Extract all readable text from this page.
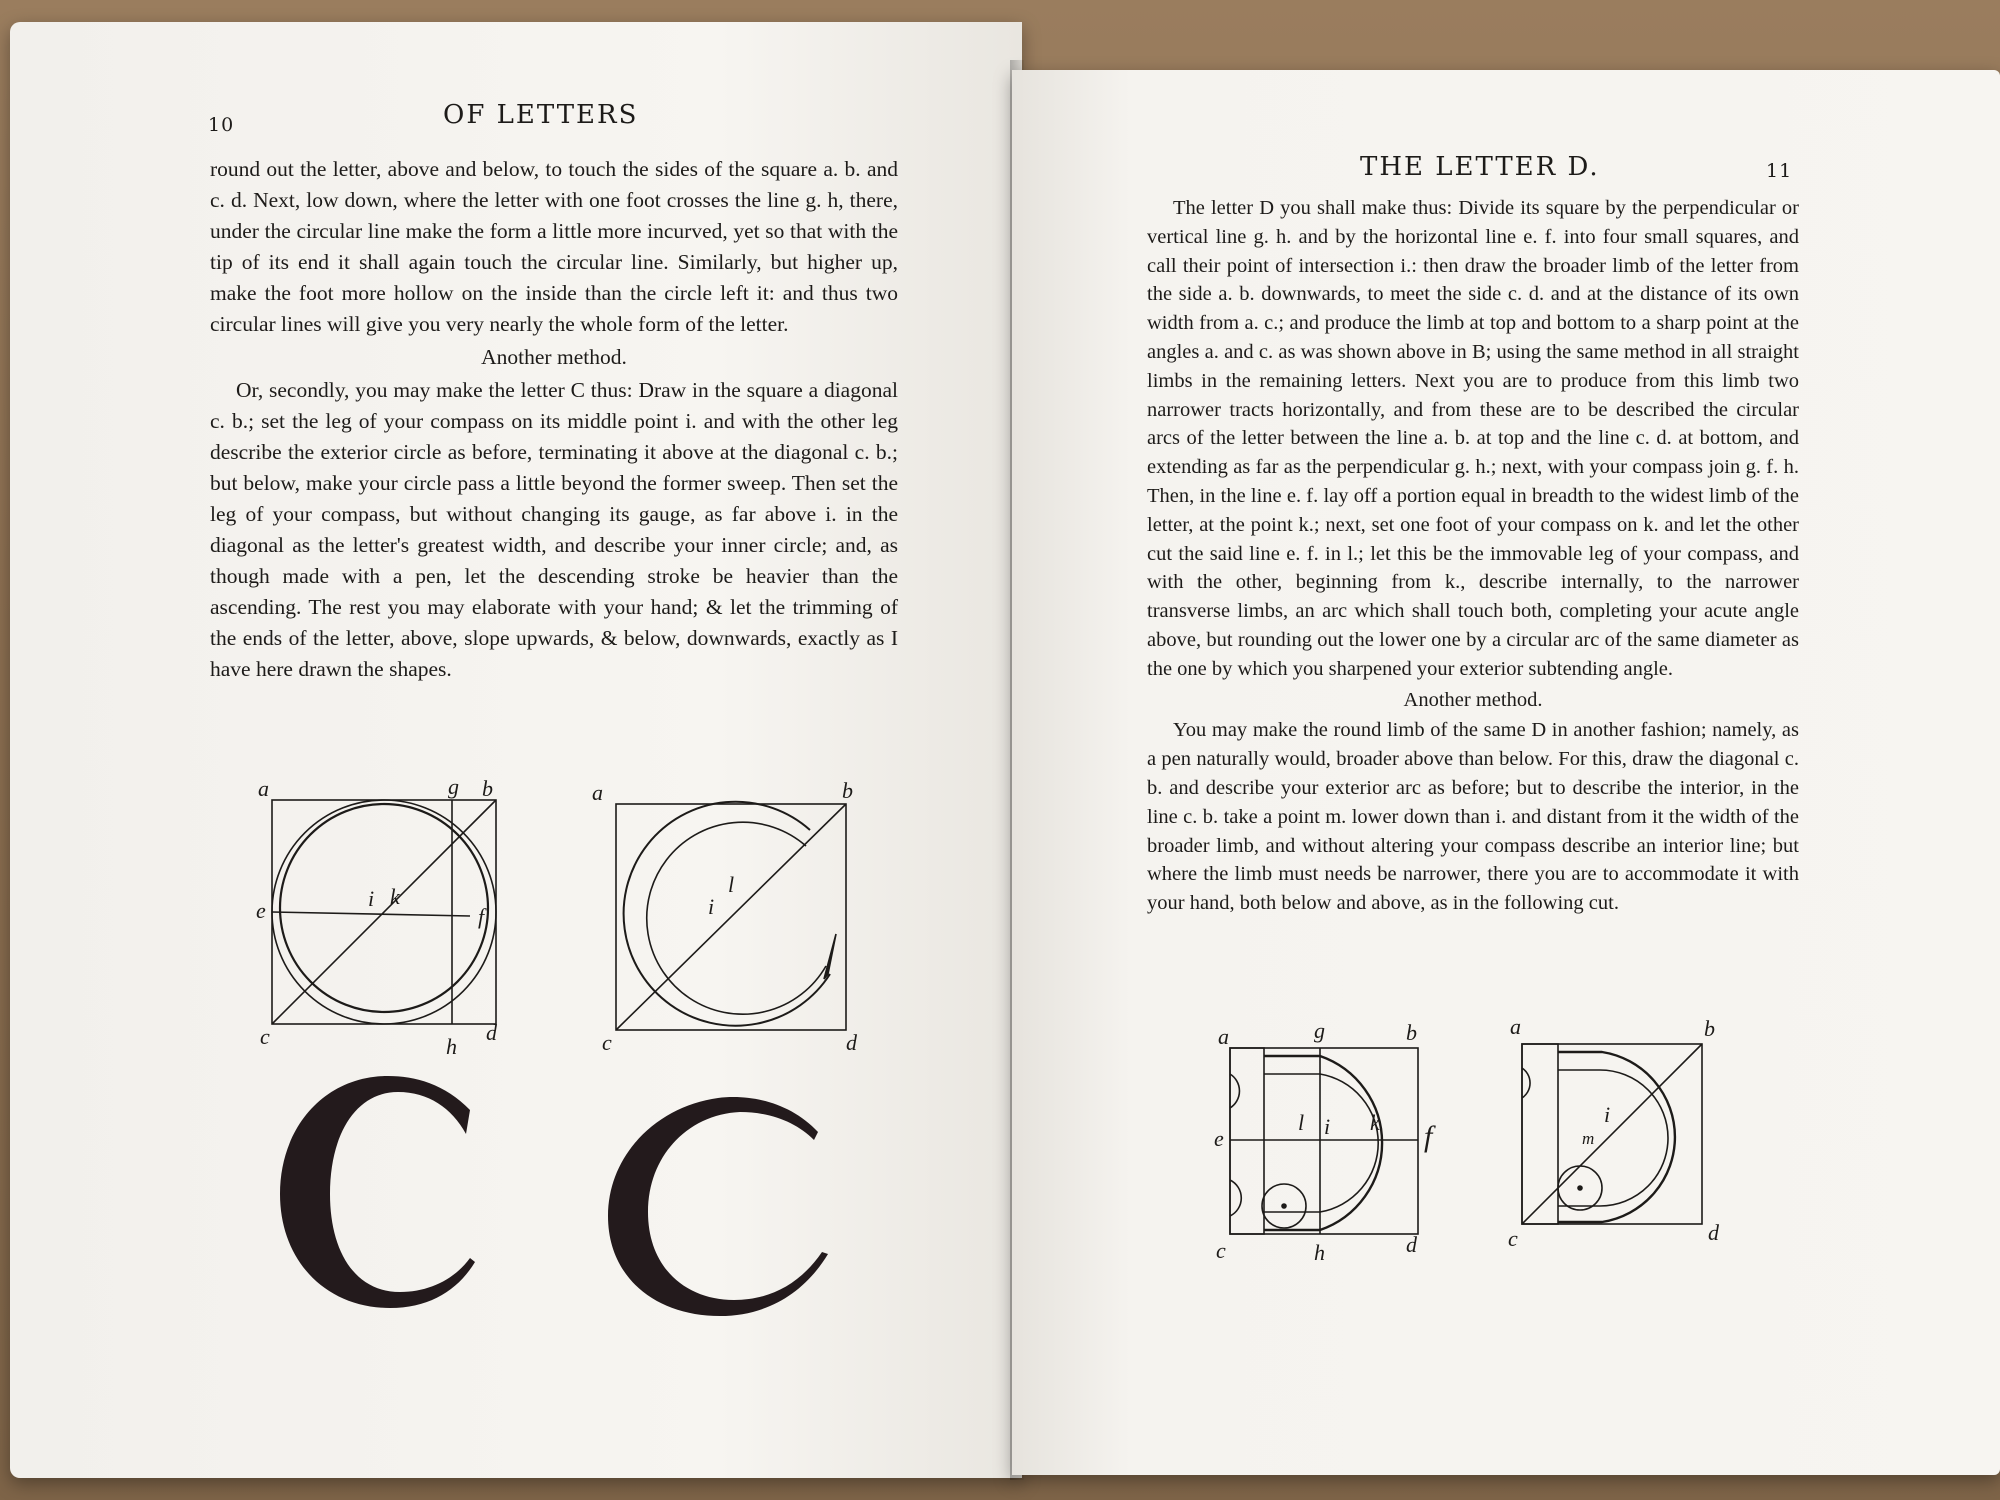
10	OF LETTERS

round out the letter, above and below, to touch the sides of the square a. b. and c. d. Next, low down, where the letter with one foot crosses the line g. h, there, under the circular line make the form a little more incurved, yet so that with the tip of its end it shall again touch the circular line. Similarly, but higher up, make the foot more hollow on the inside than the circle left it: and thus two circular lines will give you very nearly the whole form of the letter.

Another method.

Or, secondly, you may make the letter C thus: Draw in the square a diagonal c. b.; set the leg of your compass on its middle point i. and with the other leg describe the exterior circle as before, terminating it above at the diagonal c. b.; but below, make your circle pass a little beyond the former sweep. Then set the leg of your compass, but without changing its gauge, as far above i. in the diagonal as the letter's greatest width, and describe your inner circle; and, as though made with a pen, let the descending stroke be heavier than the ascending. The rest you may elaborate with your hand; & let the trimming of the ends of the letter, above, slope upwards, & below, downwards, exactly as I have here drawn the shapes.

a	g b
e	i k
f
c	h
d
a	b
i
l
c	d
THE LETTER D.	11

The letter D you shall make thus: Divide its square by the perpendicular or vertical line g. h. and by the horizontal line e. f. into four small squares, and call their point of intersection i.: then draw the broader limb of the letter from the side a. b. downwards, to meet the side c. d. and at the distance of its own width from a. c.; and produce the limb at top and bottom to a sharp point at the angles a. and c. as was shown above in B; using the same method in all straight limbs in the remaining letters. Next you are to produce from this limb two narrower tracts horizontally, and from these are to be described the circular arcs of the letter between the line a. b. at top and the line c. d. at bottom, and extending as far as the perpendicular g. h.; next, with your compass join g. f. h. Then, in the line e. f. lay off a portion equal in breadth to the widest limb of the letter, at the point k.; next, set one foot of your compass on k. and let the other cut the said line e. f. in l.; let this be the immovable leg of your compass, and with the other, beginning from k., describe internally, to the narrower transverse limbs, an arc which shall touch both, completing your acute angle above, but rounding out the lower one by a circular arc of the same diameter as the one by which you sharpened your exterior subtending angle.

Another method.

You may make the round limb of the same D in another fashion; namely, as a pen naturally would, broader above than below. For this, draw the diagonal c. b. and describe your exterior arc as before; but to describe the interior, in the line c. b. take a point m. lower down than i. and distant from it the width of the broader limb, and without altering your compass describe an interior line; but where the limb must needs be narrower, there you are to accommodate it with your hand, both below and above, as in the following cut.

a	g	b
e
l i k f
c	h	d
a	b
i
m
c	d
